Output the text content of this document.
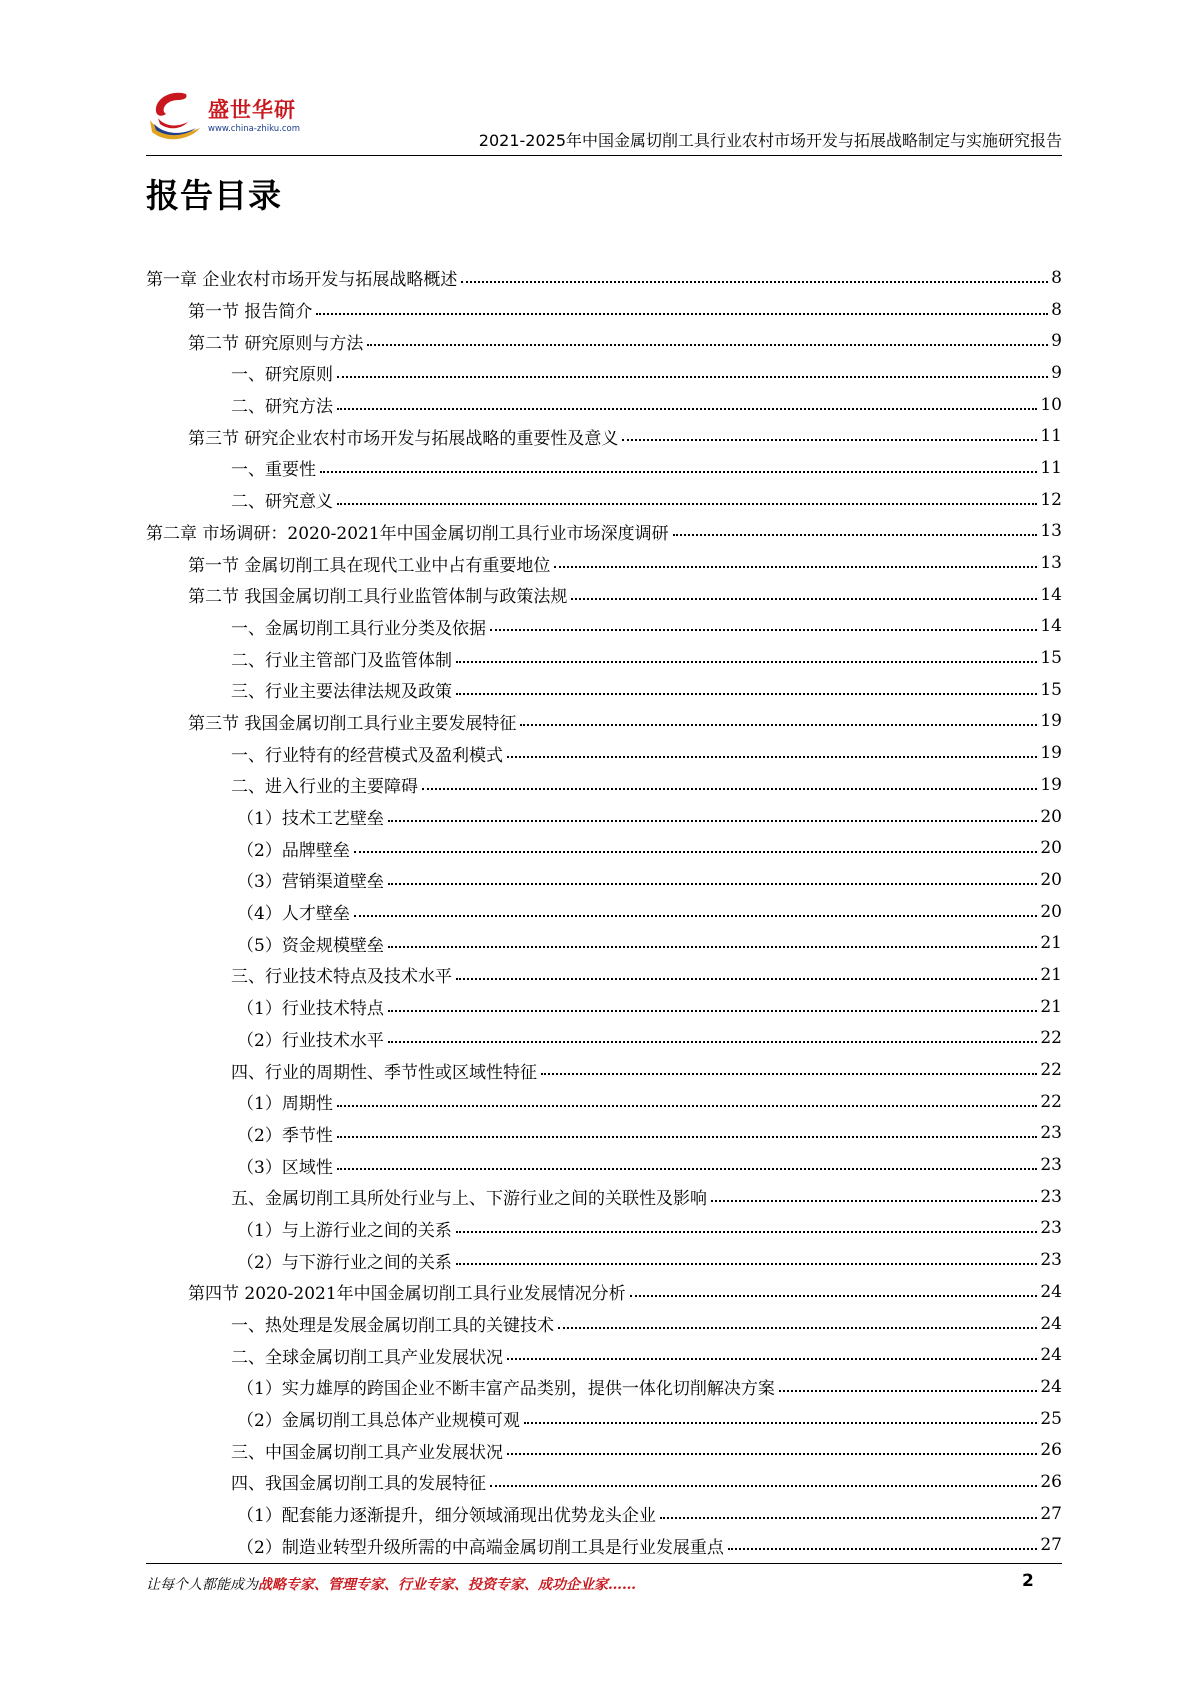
盛世华研
www.china-zhiku.com
2021-2025年中国金属切削工具行业农村市场开发与拓展战略制定与实施研究报告
报告目录
第一章 企业农村市场开发与拓展战略概述	8
第一节 报告简介	8
第二节 研究原则与方法	9
一、研究原则	9
二、研究方法	10
第三节 研究企业农村市场开发与拓展战略的重要性及意义	11
一、重要性	11
二、研究意义	12
第二章 市场调研：2020-2021年中国金属切削工具行业市场深度调研	13
第一节 金属切削工具在现代工业中占有重要地位	13
第二节 我国金属切削工具行业监管体制与政策法规	14
一、金属切削工具行业分类及依据	14
二、行业主管部门及监管体制	15
三、行业主要法律法规及政策	15
第三节 我国金属切削工具行业主要发展特征	19
一、行业特有的经营模式及盈利模式	19
二、进入行业的主要障碍	19
（1）技术工艺壁垒	20
（2）品牌壁垒	20
（3）营销渠道壁垒	20
（4）人才壁垒	20
（5）资金规模壁垒	21
三、行业技术特点及技术水平	21
（1）行业技术特点	21
（2）行业技术水平	22
四、行业的周期性、季节性或区域性特征	22
（1）周期性	22
（2）季节性	23
（3）区域性	23
五、金属切削工具所处行业与上、下游行业之间的关联性及影响	23
（1）与上游行业之间的关系	23
（2）与下游行业之间的关系	23
第四节 2020-2021年中国金属切削工具行业发展情况分析	24
一、热处理是发展金属切削工具的关键技术	24
二、全球金属切削工具产业发展状况	24
（1）实力雄厚的跨国企业不断丰富产品类别，提供一体化切削解决方案	24
（2）金属切削工具总体产业规模可观	25
三、中国金属切削工具产业发展状况	26
四、我国金属切削工具的发展特征	26
（1）配套能力逐渐提升，细分领域涌现出优势龙头企业	27
（2）制造业转型升级所需的中高端金属切削工具是行业发展重点	27
让每个人都能成为战略专家、管理专家、行业专家、投资专家、成功企业家……	2
